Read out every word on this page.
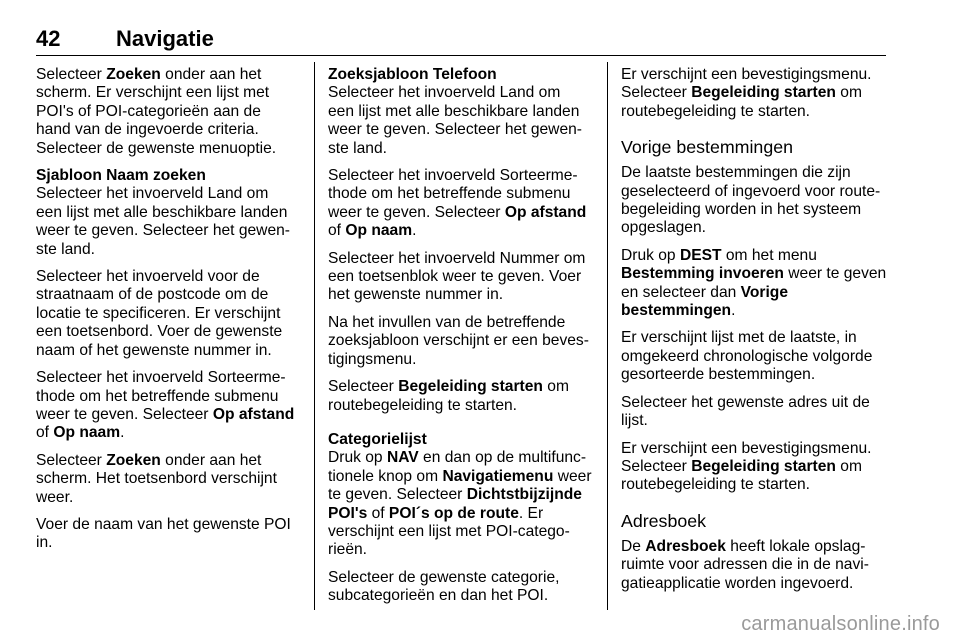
42	Navigatie
Selecteer Zoeken onder aan het
scherm. Er verschijnt een lijst met
POI's of POI-categorieën aan de
hand van de ingevoerde criteria.
Selecteer de gewenste menuoptie.
Sjabloon Naam zoeken
Selecteer het invoerveld Land om
een lijst met alle beschikbare landen
weer te geven. Selecteer het gewen-
ste land.
Selecteer het invoerveld voor de
straatnaam of de postcode om de
locatie te specificeren. Er verschijnt
een toetsenbord. Voer de gewenste
naam of het gewenste nummer in.
Selecteer het invoerveld Sorteerme-
thode om het betreffende submenu
weer te geven. Selecteer Op afstand
of Op naam.
Selecteer Zoeken onder aan het
scherm. Het toetsenbord verschijnt
weer.
Voer de naam van het gewenste POI
in.
Zoeksjabloon Telefoon
Selecteer het invoerveld Land om
een lijst met alle beschikbare landen
weer te geven. Selecteer het gewen-
ste land.
Selecteer het invoerveld Sorteerme-
thode om het betreffende submenu
weer te geven. Selecteer Op afstand
of Op naam.
Selecteer het invoerveld Nummer om
een toetsenblok weer te geven. Voer
het gewenste nummer in.
Na het invullen van de betreffende
zoeksjabloon verschijnt er een beves-
tigingsmenu.
Selecteer Begeleiding starten om
routebegeleiding te starten.
Categorielijst
Druk op NAV en dan op de multifunc-
tionele knop om Navigatiemenu weer
te geven. Selecteer Dichtstbijzijnde
POI's of POI´s op de route. Er
verschijnt een lijst met POI-catego-
rieën.
Selecteer de gewenste categorie,
subcategorieën en dan het POI.
Er verschijnt een bevestigingsmenu.
Selecteer Begeleiding starten om
routebegeleiding te starten.
Vorige bestemmingen
De laatste bestemmingen die zijn
geselecteerd of ingevoerd voor route-
begeleiding worden in het systeem
opgeslagen.
Druk op DEST om het menu
Bestemming invoeren weer te geven
en selecteer dan Vorige
bestemmingen.
Er verschijnt lijst met de laatste, in
omgekeerd chronologische volgorde
gesorteerde bestemmingen.
Selecteer het gewenste adres uit de
lijst.
Er verschijnt een bevestigingsmenu.
Selecteer Begeleiding starten om
routebegeleiding te starten.
Adresboek
De Adresboek heeft lokale opslag-
ruimte voor adressen die in de navi-
gatieapplicatie worden ingevoerd.
carmanualsonline.info
